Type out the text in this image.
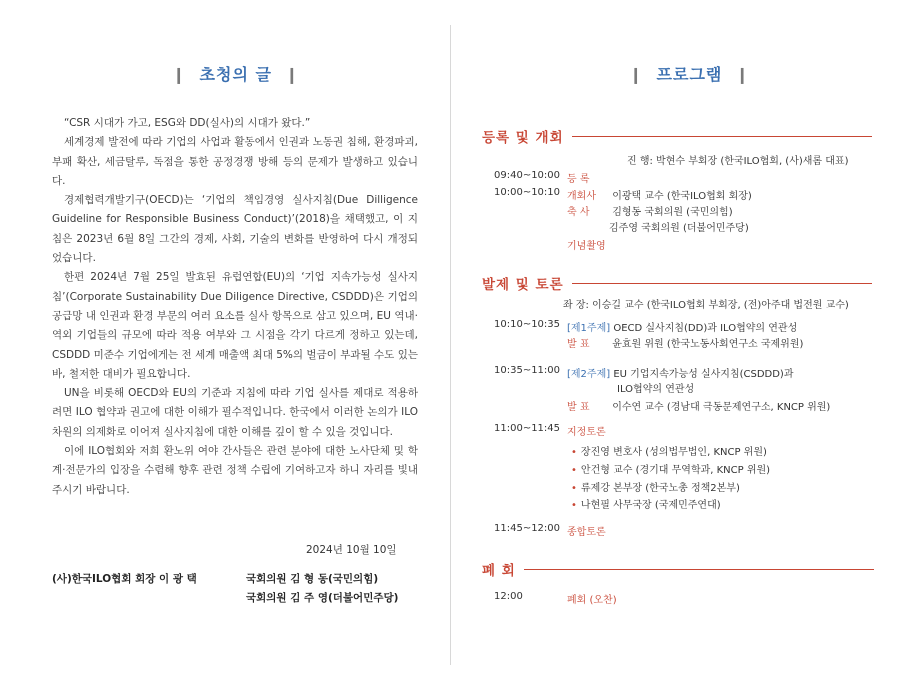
❙ 초청의 글 ❙
“CSR 시대가 가고, ESG와 DD(실사)의 시대가 왔다.”
세계경제 발전에 따라 기업의 사업과 활동에서 인권과 노동권 침해, 환경파괴, 부패 확산, 세금탈루, 독점을 통한 공정경쟁 방해 등의 문제가 발생하고 있습니다.
경제협력개발기구(OECD)는 ‘기업의 책임경영 실사지침(Due Dilligence Guideline for Responsible Business Conduct)’(2018)을 채택했고, 이 지침은 2023년 6월 8일 그간의 경제, 사회, 기술의 변화를 반영하여 다시 개정되었습니다.
한편 2024년 7월 25일 발효된 유럽연합(EU)의 ‘기업 지속가능성 실사지침’(Corporate Sustainability Due Diligence Directive, CSDDD)은 기업의 공급망 내 인권과 환경 부문의 여러 요소를 실사 항목으로 삼고 있으며, EU 역내·역외 기업들의 규모에 따라 적용 여부와 그 시점을 각기 다르게 정하고 있는데, CSDDD 미준수 기업에게는 전 세계 매출액 최대 5%의 벌금이 부과될 수도 있는 바, 철저한 대비가 필요합니다.
UN을 비롯해 OECD와 EU의 기준과 지침에 따라 기업 실사를 제대로 적용하려면 ILO 협약과 권고에 대한 이해가 필수적입니다. 한국에서 이러한 논의가 ILO 차원의 의제화로 이어져 실사지침에 대한 이해를 깊이 할 수 있을 것입니다.
이에 ILO협회와 저희 환노위 여야 간사들은 관련 분야에 대한 노사단체 및 학계·전문가의 입장을 수렴해 향후 관련 정책 수립에 기여하고자 하니 자리를 빛내주시기 바랍니다.
2024년 10월 10일
(사)한국ILO협회 회장 이 광 택	국회의원 김 형 동(국민의힘)
국회의원 김 주 영(더불어민주당)
❙ 프로그램 ❙
등록 및 개회
진 행: 박현수 부회장 (한국ILO협회, (사)새롬 대표)
09:40~10:00 등 록
10:00~10:10 개회사 이광택 교수 (한국ILO협회 회장)
축 사 김형동 국회의원 (국민의힘)
김주영 국회의원 (더불어민주당)
기념촬영
발제 및 토론
좌 장: 이승길 교수 (한국ILO협회 부회장, (전)아주대 법전원 교수)
10:10~10:35 [제1주제] OECD 실사지침(DD)과 ILO협약의 연관성
발 표 윤효원 위원 (한국노동사회연구소 국제위원)
10:35~11:00 [제2주제] EU 기업지속가능성 실사지침(CSDDD)과
ILO협약의 연관성
발 표 이수연 교수 (경남대 극동문제연구소, KNCP 위원)
11:00~11:45 지정토론
• 장진영 변호사 (성의법무법인, KNCP 위원)
• 안건형 교수 (경기대 무역학과, KNCP 위원)
• 류제강 본부장 (한국노총 정책2본부)
• 나현필 사무국장 (국제민주연대)
11:45~12:00 종합토론
폐 회
12:00	폐회 (오찬)
